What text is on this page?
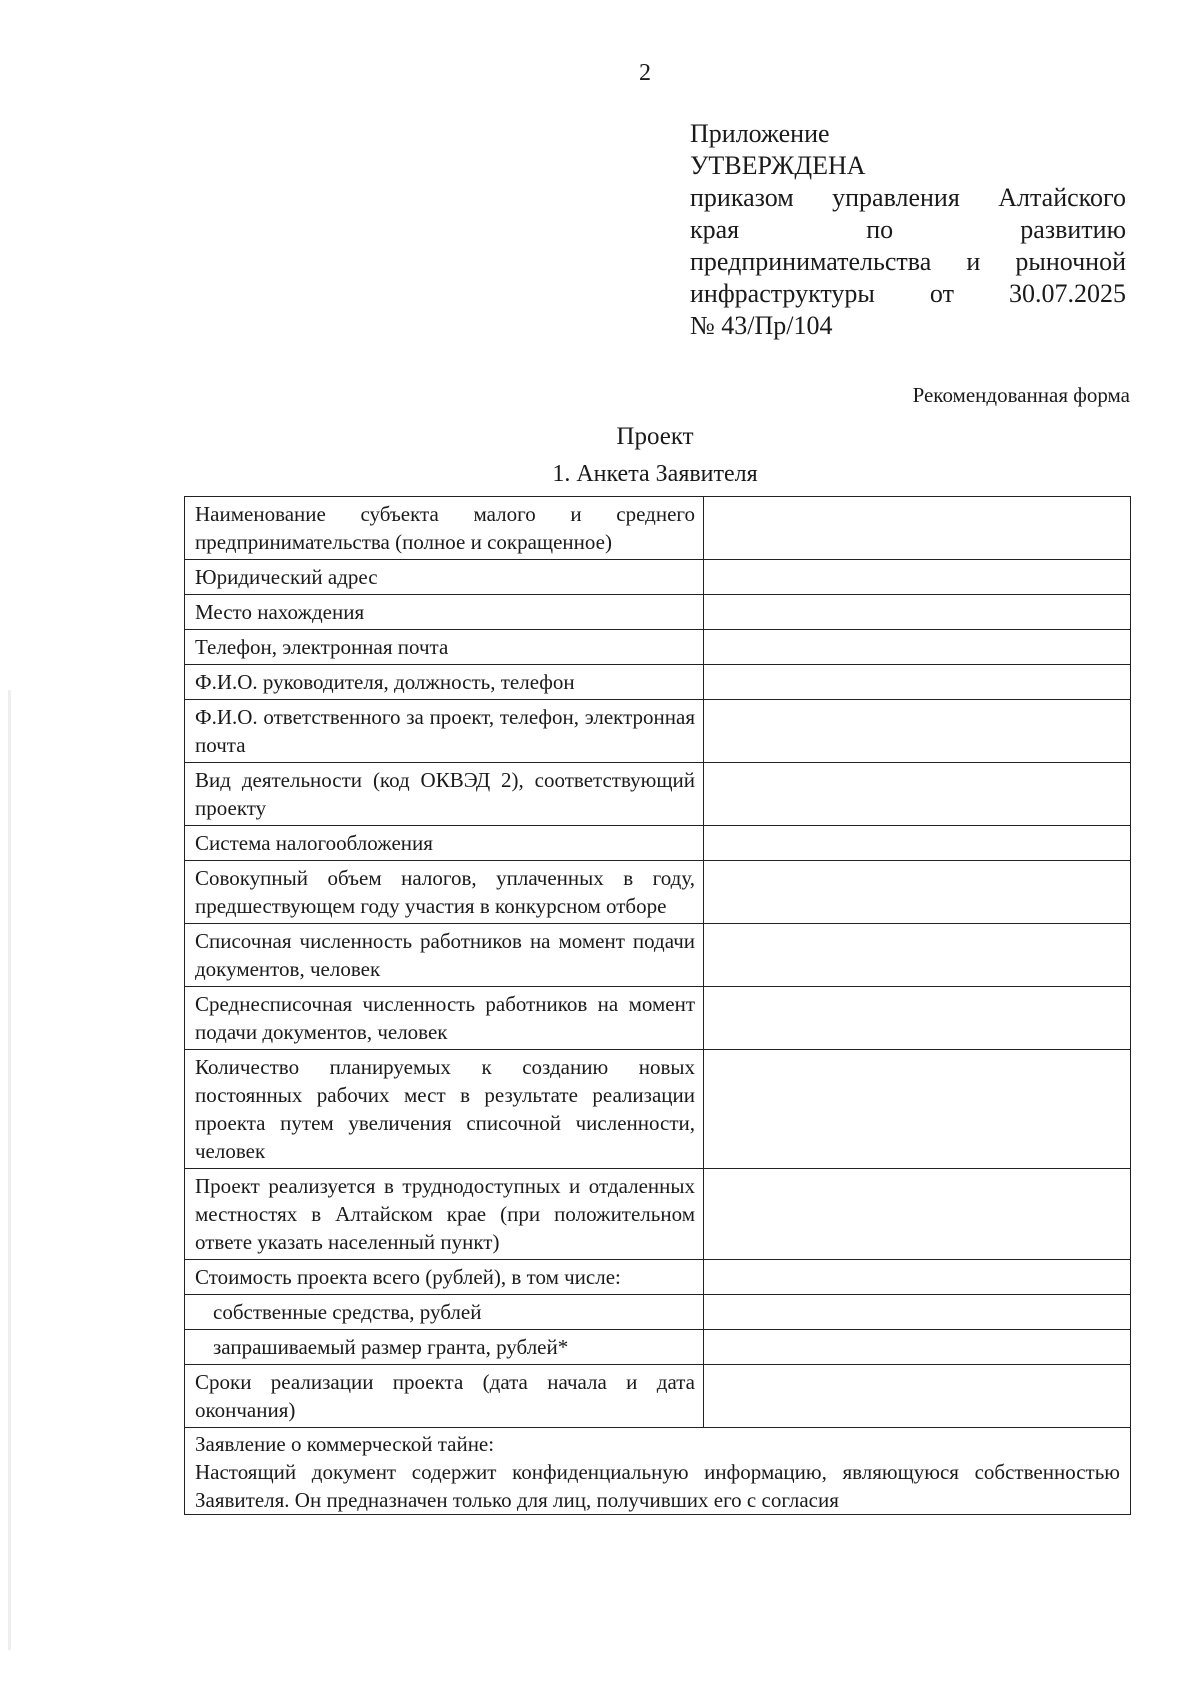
2
Приложение
УТВЕРЖДЕНА
приказом управления Алтайского
края по развитию
предпринимательства и рыночной
инфраструктуры от 30.07.2025
№ 43/Пр/104
Рекомендованная форма
Проект
1. Анкета Заявителя
Наименование субъекта малого и среднего предпринимательства (полное и сокращенное)	
Юридический адрес	
Место нахождения	
Телефон, электронная почта	
Ф.И.О. руководителя, должность, телефон	
Ф.И.О. ответственного за проект, телефон, электронная почта	
Вид деятельности (код ОКВЭД 2), соответствующий проекту	
Система налогообложения	
Совокупный объем налогов, уплаченных в году, предшествующем году участия в конкурсном отборе	
Списочная численность работников на момент подачи документов, человек	
Среднесписочная численность работников на момент подачи документов, человек	
Количество планируемых к созданию новых постоянных рабочих мест в результате реализации проекта путем увеличения списочной численности, человек	
Проект реализуется в труднодоступных и отдаленных местностях в Алтайском крае (при положительном ответе указать населенный пункт)	
Стоимость проекта всего (рублей), в том числе:	
собственные средства, рублей	
запрашиваемый размер гранта, рублей*	
Сроки реализации проекта (дата начала и дата окончания)	

Заявление о коммерческой тайне:
Настоящий документ содержит конфиденциальную информацию, являющуюся собственностью Заявителя. Он предназначен только для лиц, получивших его с согласия	
